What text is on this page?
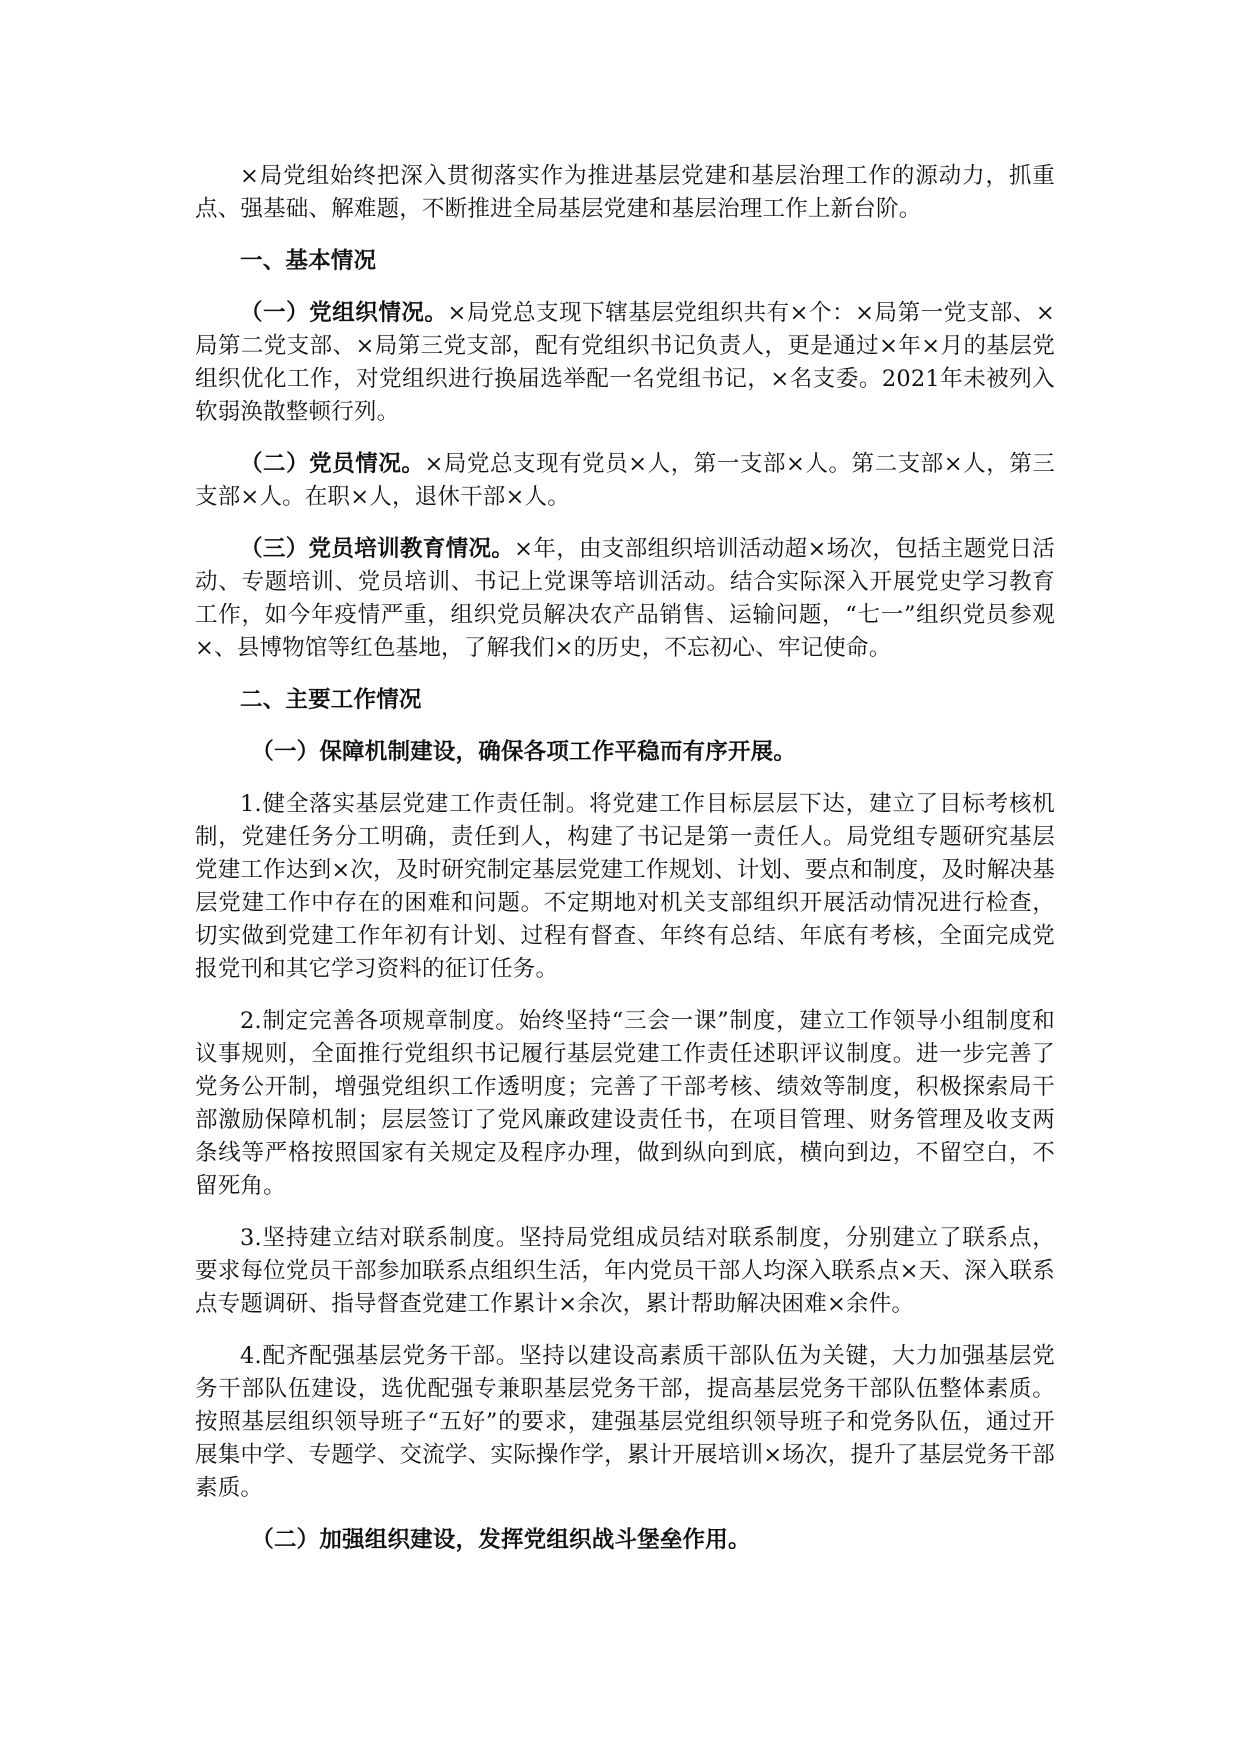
×局党组始终把深入贯彻落实作为推进基层党建和基层治理工作的源动力，抓重点、强基础、解难题，不断推进全局基层党建和基层治理工作上新台阶。

一、基本情况

（一）党组织情况。×局党总支现下辖基层党组织共有×个：×局第一党支部、×局第二党支部、×局第三党支部，配有党组织书记负责人，更是通过×年×月的基层党组织优化工作，对党组织进行换届选举配一名党组书记，×名支委。2021年未被列入软弱涣散整顿行列。

（二）党员情况。×局党总支现有党员×人，第一支部×人。第二支部×人，第三支部×人。在职×人，退休干部×人。

（三）党员培训教育情况。×年，由支部组织培训活动超×场次，包括主题党日活动、专题培训、党员培训、书记上党课等培训活动。结合实际深入开展党史学习教育工作，如今年疫情严重，组织党员解决农产品销售、运输问题，“七一”组织党员参观×、县博物馆等红色基地，了解我们×的历史，不忘初心、牢记使命。

二、主要工作情况

（一）保障机制建设，确保各项工作平稳而有序开展。

1.健全落实基层党建工作责任制。将党建工作目标层层下达，建立了目标考核机制，党建任务分工明确，责任到人，构建了书记是第一责任人。局党组专题研究基层党建工作达到×次，及时研究制定基层党建工作规划、计划、要点和制度，及时解决基层党建工作中存在的困难和问题。不定期地对机关支部组织开展活动情况进行检查，切实做到党建工作年初有计划、过程有督查、年终有总结、年底有考核，全面完成党报党刊和其它学习资料的征订任务。

2.制定完善各项规章制度。始终坚持“三会一课”制度，建立工作领导小组制度和议事规则，全面推行党组织书记履行基层党建工作责任述职评议制度。进一步完善了党务公开制，增强党组织工作透明度；完善了干部考核、绩效等制度，积极探索局干部激励保障机制；层层签订了党风廉政建设责任书，在项目管理、财务管理及收支两条线等严格按照国家有关规定及程序办理，做到纵向到底，横向到边，不留空白，不留死角。

3.坚持建立结对联系制度。坚持局党组成员结对联系制度，分别建立了联系点，要求每位党员干部参加联系点组织生活，年内党员干部人均深入联系点×天、深入联系点专题调研、指导督查党建工作累计×余次，累计帮助解决困难×余件。

4.配齐配强基层党务干部。坚持以建设高素质干部队伍为关键，大力加强基层党务干部队伍建设，选优配强专兼职基层党务干部，提高基层党务干部队伍整体素质。按照基层组织领导班子“五好”的要求，建强基层党组织领导班子和党务队伍，通过开展集中学、专题学、交流学、实际操作学，累计开展培训×场次，提升了基层党务干部素质。

（二）加强组织建设，发挥党组织战斗堡垒作用。
